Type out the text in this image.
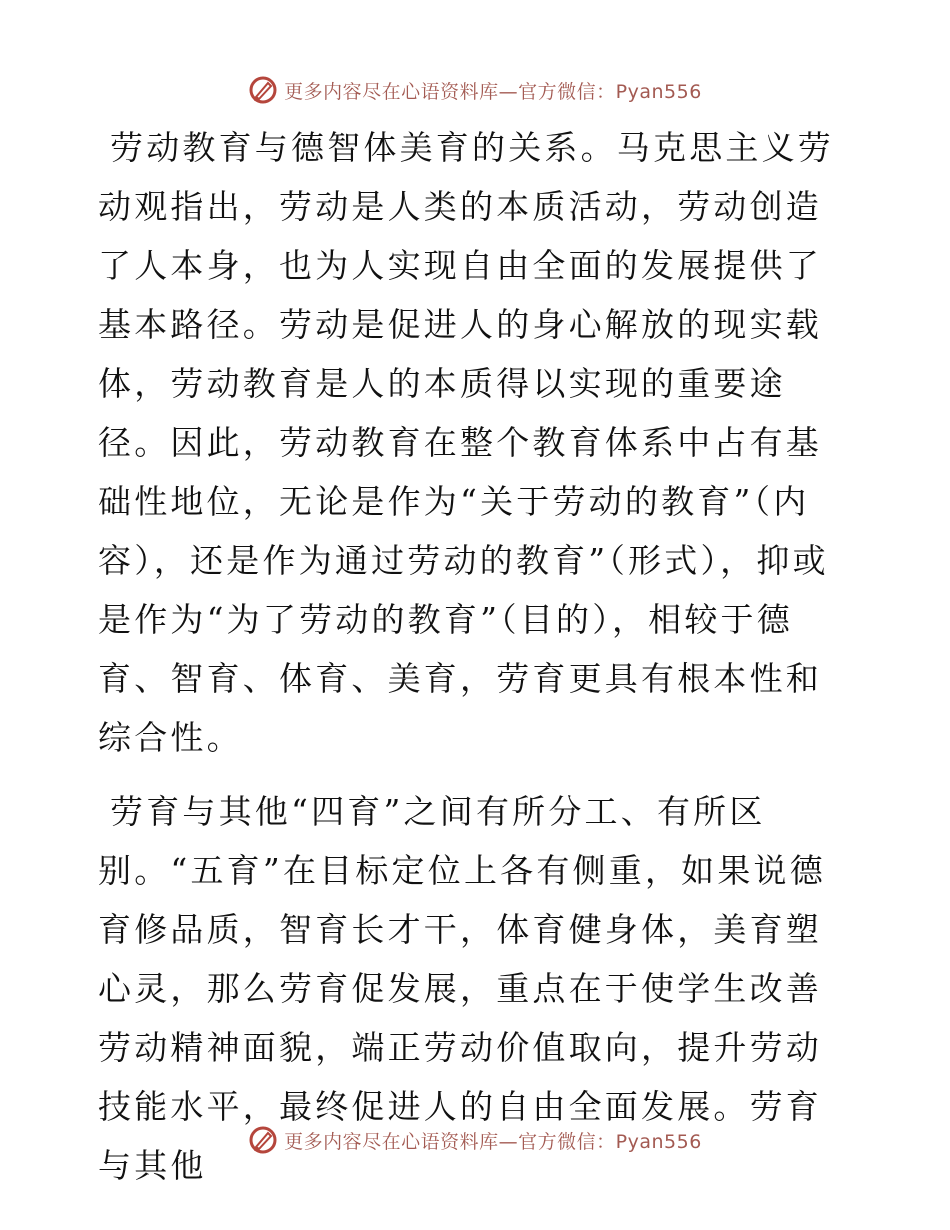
更多内容尽在心语资料库—官方微信：Pyan556

劳动教育与德智体美育的关系。马克思主义劳动观指出，劳动是人类的本质活动，劳动创造了人本身，也为人实现自由全面的发展提供了基本路径。劳动是促进人的身心解放的现实载体，劳动教育是人的本质得以实现的重要途径。因此，劳动教育在整个教育体系中占有基础性地位，无论是作为“关于劳动的教育”（内容），还是作为通过劳动的教育”（形式），抑或是作为“为了劳动的教育”（目的），相较于德育、智育、体育、美育，劳育更具有根本性和综合性。

劳育与其他“四育”之间有所分工、有所区别。“五育”在目标定位上各有侧重，如果说德育修品质，智育长才干，体育健身体，美育塑心灵，那么劳育促发展，重点在于使学生改善劳动精神面貌，端正劳动价值取向，提升劳动技能水平，最终促进人的自由全面发展。劳育与其他

更多内容尽在心语资料库—官方微信：Pyan556
